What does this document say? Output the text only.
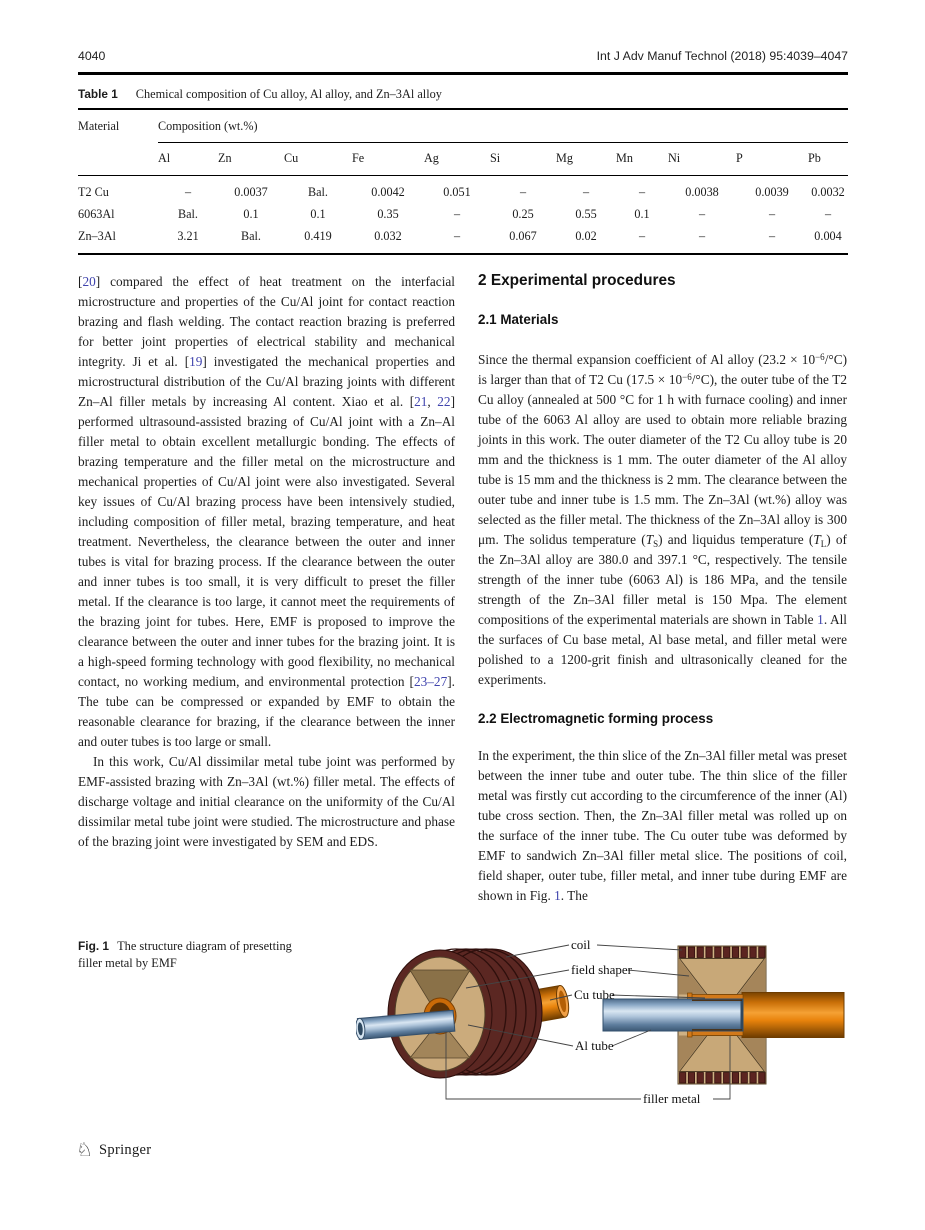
4040	Int J Adv Manuf Technol (2018) 95:4039–4047
Table 1 Chemical composition of Cu alloy, Al alloy, and Zn–3Al alloy
Material	Composition (wt.%)										
	Al	Zn	Cu	Fe	Ag	Si	Mg	Mn	Ni	P	Pb
T2 Cu	–	0.0037	Bal.	0.0042	0.051	–	–	–	0.0038	0.0039	0.0032
6063Al	Bal.	0.1	0.1	0.35	–	0.25	0.55	0.1	–	–	–
Zn–3Al	3.21	Bal.	0.419	0.032	–	0.067	0.02	–	–	–	0.004

[20] compared the effect of heat treatment on the interfacial microstructure and properties of the Cu/Al joint for contact reaction brazing and flash welding. The contact reaction brazing is preferred for better joint properties of electrical stability and mechanical integrity. Ji et al. [19] investigated the mechanical properties and microstructural distribution of the Cu/Al brazing joints with different Zn–Al filler metals by increasing Al content. Xiao et al. [21, 22] performed ultrasound-assisted brazing of Cu/Al joint with a Zn–Al filler metal to obtain excellent metallurgic bonding. The effects of brazing temperature and the filler metal on the microstructure and mechanical properties of Cu/Al joint were also investigated. Several key issues of Cu/Al brazing process have been intensively studied, including composition of filler metal, brazing temperature, and heat treatment. Nevertheless, the clearance between the outer and inner tubes is vital for brazing process. If the clearance between the outer and inner tubes is too small, it is very difficult to preset the filler metal. If the clearance is too large, it cannot meet the requirements of the brazing joint for tubes. Here, EMF is proposed to improve the clearance between the outer and inner tubes for the brazing joint. It is a high-speed forming technology with good flexibility, no mechanical contact, no working medium, and environmental protection [23–27]. The tube can be compressed or expanded by EMF to obtain the reasonable clearance for brazing, if the clearance between the inner and outer tubes is too large or small.

In this work, Cu/Al dissimilar metal tube joint was performed by EMF-assisted brazing with Zn–3Al (wt.%) filler metal. The effects of discharge voltage and initial clearance on the uniformity of the Cu/Al dissimilar metal tube joint were studied. The microstructure and phase of the brazing joint were investigated by SEM and EDS.

2 Experimental procedures
2.1 Materials

Since the thermal expansion coefficient of Al alloy $(23.2 \times 10^{-6}/^\circ C)$ is larger than that of T2 Cu $(17.5 \times 10^{-6}/^\circ C)$, the outer tube of the T2 Cu alloy (annealed at 500 °C for 1 h with furnace cooling) and inner tube of the 6063 Al alloy are used to obtain more reliable brazing joints in this work. The outer diameter of the T2 Cu alloy tube is 20 mm and the thickness is 1 mm. The outer diameter of the Al alloy tube is 15 mm and the thickness is 2 mm. The clearance between the outer tube and inner tube is 1.5 mm. The Zn–3Al (wt.%) alloy was selected as the filler metal. The thickness of the Zn–3Al alloy is 300 μm. The solidus temperature $(T_S)$ and liquidus temperature $(T_L)$ of the Zn–3Al alloy are 380.0 and 397.1 °C, respectively. The tensile strength of the inner tube (6063 Al) is 186 MPa, and the tensile strength of the Zn–3Al filler metal is 150 Mpa. The element compositions of the experimental materials are shown in Table 1. All the surfaces of Cu base metal, Al base metal, and filler metal were polished to a 1200-grit finish and ultrasonically cleaned for the experiments.

2.2 Electromagnetic forming process

In the experiment, the thin slice of the Zn–3Al filler metal was preset between the inner tube and outer tube. The thin slice of the filler metal was firstly cut according to the circumference of the inner (Al) tube cross section. Then, the Zn–3Al filler metal was rolled up on the surface of the inner tube. The Cu outer tube was deformed by EMF to sandwich Zn–3Al filler metal slice. The positions of coil, field shaper, outer tube, filler metal, and inner tube during EMF are shown in Fig. 1. The

Fig. 1 The structure diagram of presetting filler metal by EMF
coil
field shaper
Cu tube
Al tube
filler metal
♘ Springer
